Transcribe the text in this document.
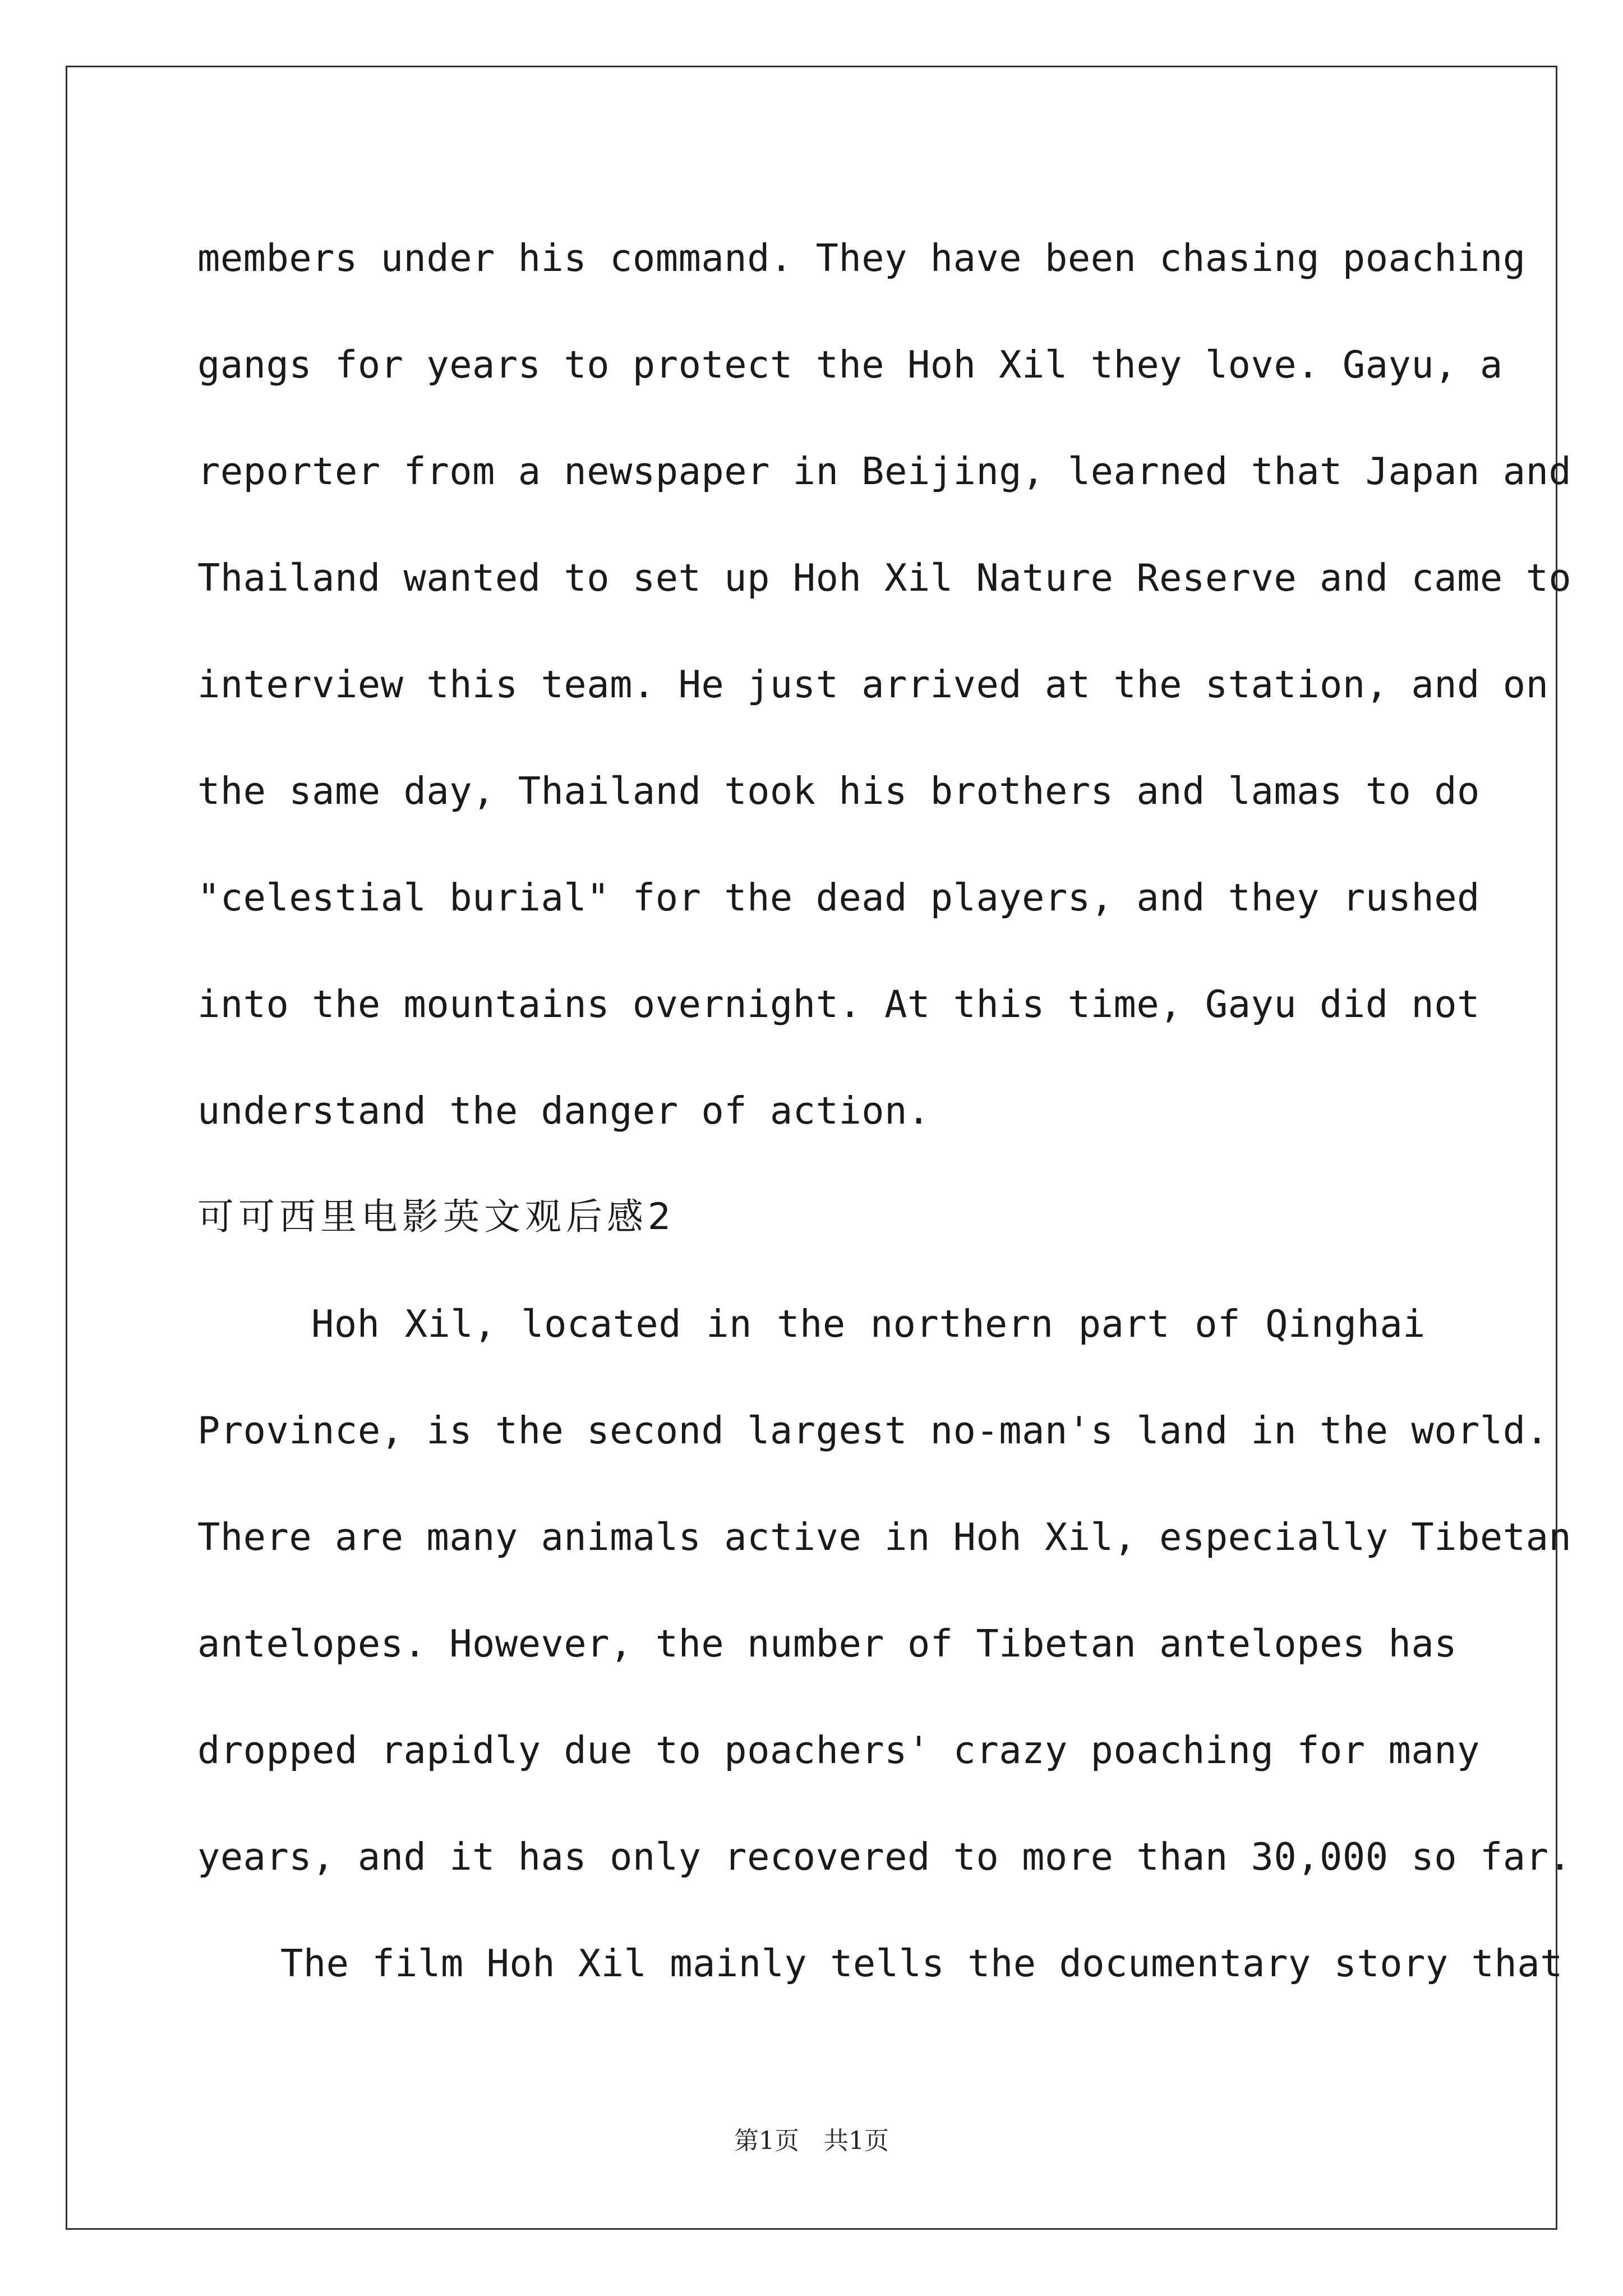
members under his command. They have been chasing poaching
gangs for years to protect the Hoh Xil they love. Gayu, a
reporter from a newspaper in Beijing, learned that Japan and
Thailand wanted to set up Hoh Xil Nature Reserve and came to
interview this team. He just arrived at the station, and on
the same day, Thailand took his brothers and lamas to do
"celestial burial" for the dead players, and they rushed
into the mountains overnight. At this time, Gayu did not
understand the danger of action.
可可西里电影英文观后感2
Hoh Xil, located in the northern part of Qinghai
Province, is the second largest no-man's land in the world.
There are many animals active in Hoh Xil, especially Tibetan
antelopes. However, the number of Tibetan antelopes has
dropped rapidly due to poachers' crazy poaching for many
years, and it has only recovered to more than 30,000 so far.
The film Hoh Xil mainly tells the documentary story that
第1页　共1页
